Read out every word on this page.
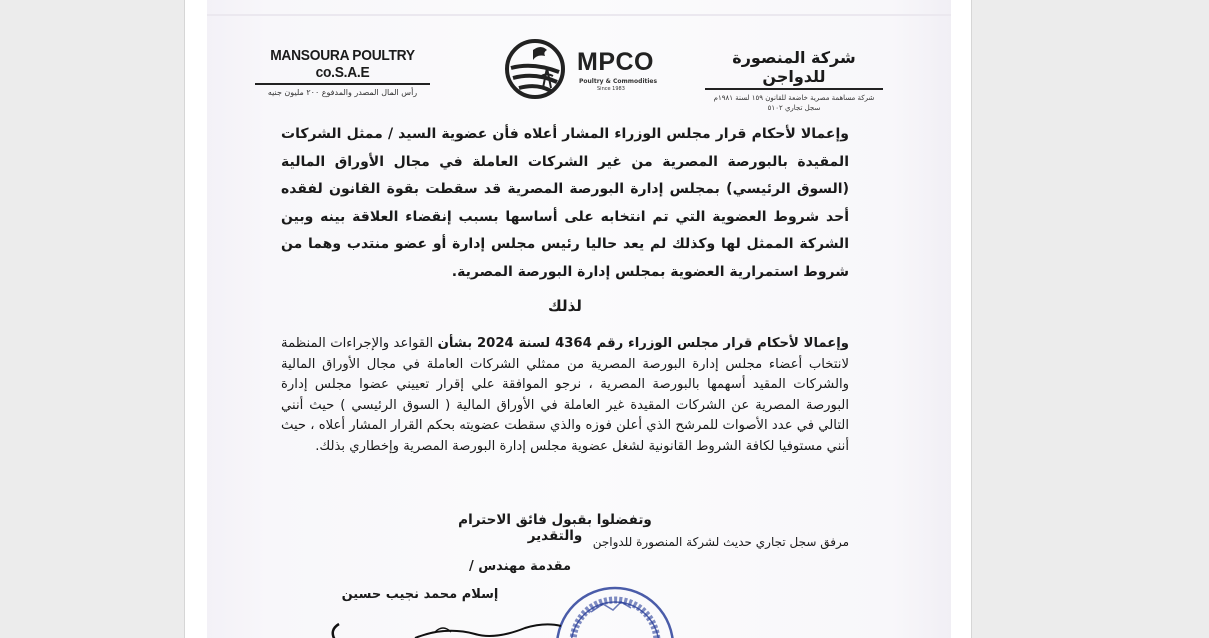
MANSOURA POULTRY co.S.A.E
رأس المال المصدر والمدفوع ٢٠٠ مليون جنيه
MPCO
Poultry & Commodities
Since 1983
شركة المنصورة للدواجن
شركة مساهمة مصرية خاضعة للقانون ١٥٩ لسنة ١٩٨١م
سجل تجاري ٥١٠٢
وإعمالا لأحكام قرار مجلس الوزراء المشار أعلاه فأن عضوية السيد / ممثل الشركات المقيدة بالبورصة المصرية من غير الشركات العاملة في مجال الأوراق المالية (السوق الرئيسي) بمجلس إدارة البورصة المصرية قد سقطت بقوة القانون لفقده أحد شروط العضوية التي تم انتخابه على أساسها بسبب إنقضاء العلاقة بينه وبين الشركة الممثل لها وكذلك لم يعد حاليا رئيس مجلس إدارة أو عضو منتدب وهما من شروط استمرارية العضوية بمجلس إدارة البورصة المصرية.
لذلك
وإعمالا لأحكام قرار مجلس الوزراء رقم 4364 لسنة 2024 بشأن القواعد والإجراءات المنظمة لانتخاب أعضاء مجلس إدارة البورصة المصرية من ممثلي الشركات العاملة في مجال الأوراق المالية والشركات المقيد أسهمها بالبورصة المصرية ، نرجو الموافقة علي إقرار تعييني عضوا مجلس إدارة البورصة المصرية عن الشركات المقيدة غير العاملة في الأوراق المالية ( السوق الرئيسي ) حيث أنني التالي في عدد الأصوات للمرشح الذي أعلن فوزه والذي سقطت عضويته بحكم القرار المشار أعلاه ، حيث أنني مستوفيا لكافة الشروط القانونية لشغل عضوية مجلس إدارة البورصة المصرية وإخطاري بذلك.
وتفضلوا بقبول فائق الاحترام والتقدير مرفق سجل تجاري حديث لشركة المنصورة للدواجن
مقدمة مهندس /
إسلام محمد نجيب حسين
